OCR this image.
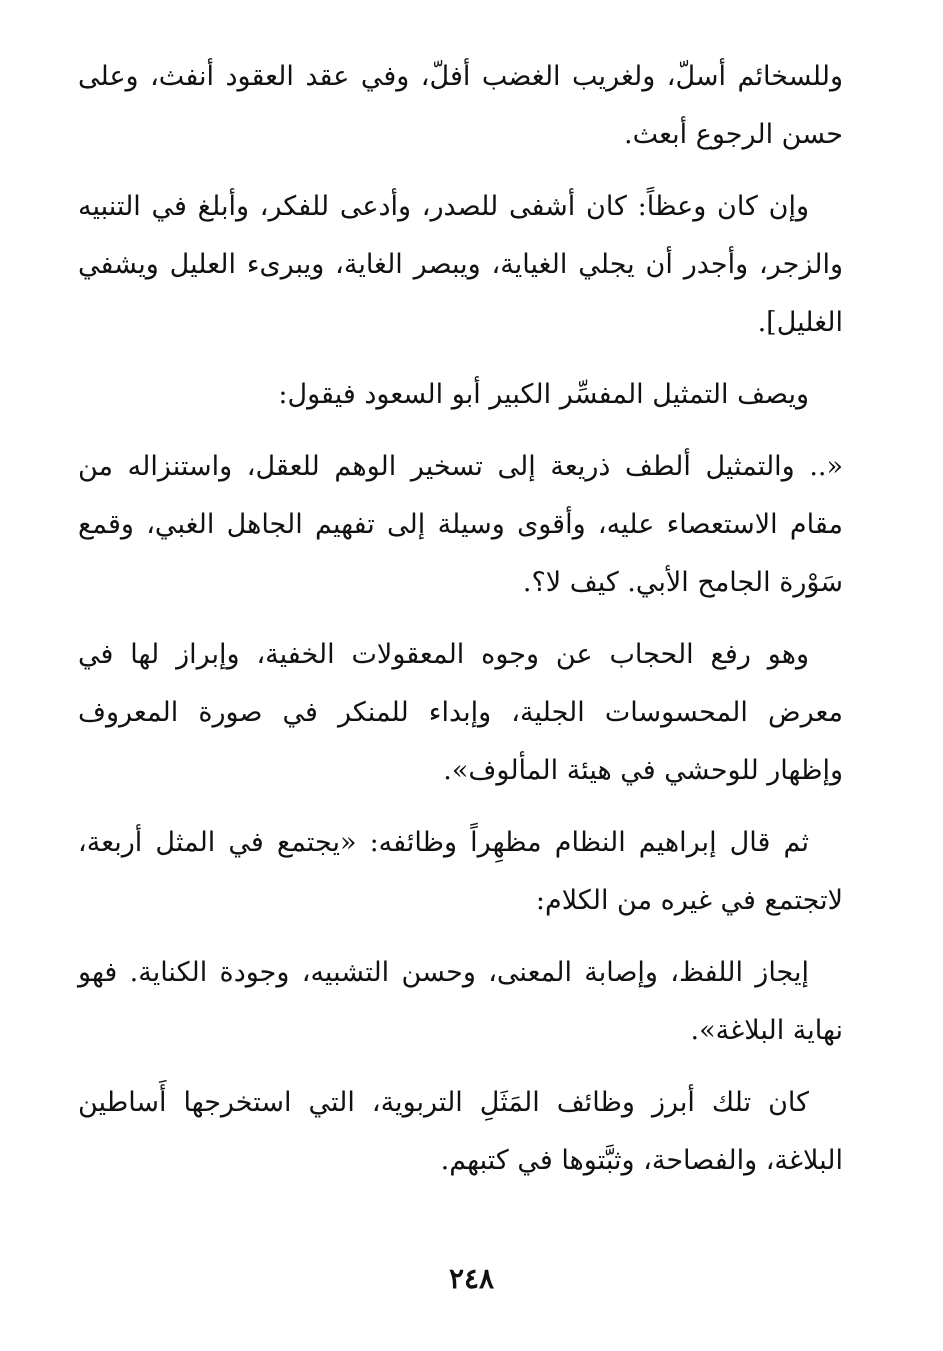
وللسخائم أسلّ، ولغريب الغضب أفلّ، وفي عقد العقود أنفث، وعلى حسن الرجوع أبعث.

وإن كان وعظاً: كان أشفى للصدر، وأدعى للفكر، وأبلغ في التنبيه والزجر، وأجدر أن يجلي الغياية، ويبصر الغاية، ويبرىء العليل ويشفي الغليل].

ويصف التمثيل المفسِّر الكبير أبو السعود فيقول:

«.. والتمثيل ألطف ذريعة إلى تسخير الوهم للعقل، واستنزاله من مقام الاستعصاء عليه، وأقوى وسيلة إلى تفهيم الجاهل الغبي، وقمع سَوْرة الجامح الأبي. كيف لا؟.

وهو رفع الحجاب عن وجوه المعقولات الخفية، وإبراز لها في معرض المحسوسات الجلية، وإبداء للمنكر في صورة المعروف وإظهار للوحشي في هيئة المألوف».

ثم قال إبراهيم النظام مظهِراً وظائفه: «يجتمع في المثل أربعة، لاتجتمع في غيره من الكلام:

إيجاز اللفظ، وإصابة المعنى، وحسن التشبيه، وجودة الكناية. فهو نهاية البلاغة».

كان تلك أبرز وظائف المَثَلِ التربوية، التي استخرجها أَساطين البلاغة، والفصاحة، وثبَّتوها في كتبهم.

٢٤٨
